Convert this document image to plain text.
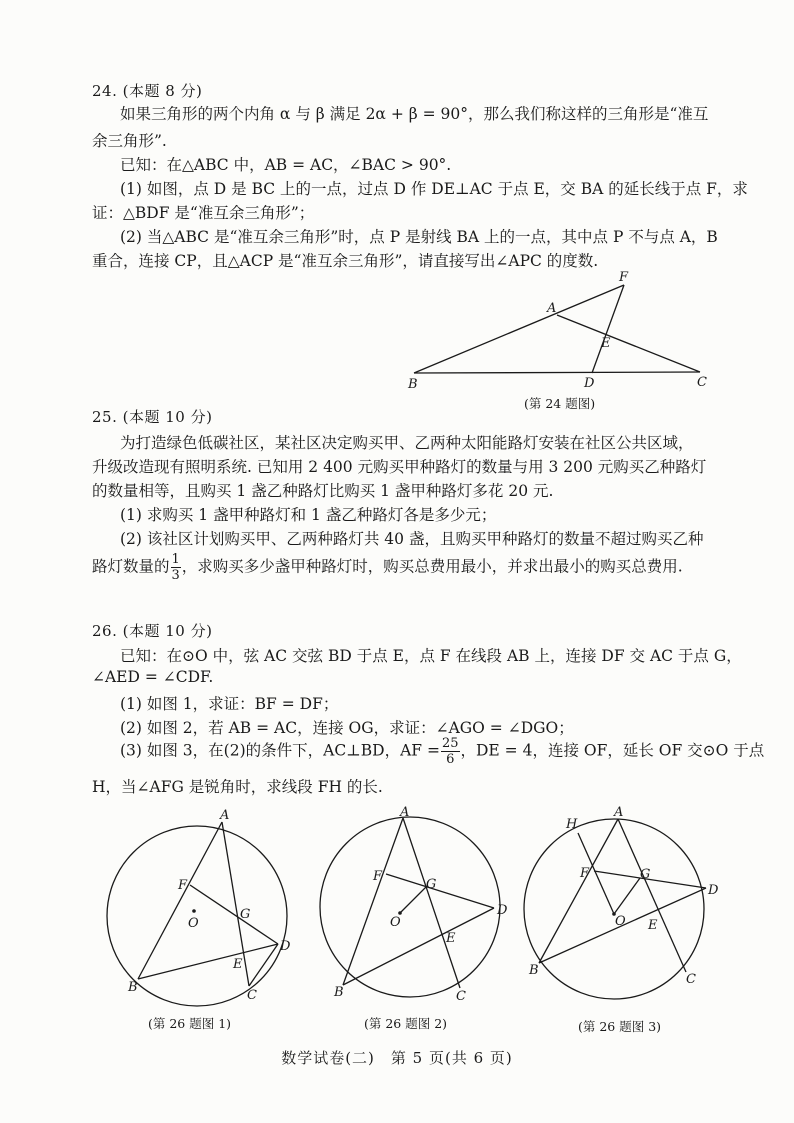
24. (本题 8 分)
如果三角形的两个内角 α 与 β 满足 2α + β = 90°，那么我们称这样的三角形是“准互
余三角形”.
已知：在△ABC 中，AB = AC，∠BAC > 90°.
(1) 如图，点 D 是 BC 上的一点，过点 D 作 DE⊥AC 于点 E，交 BA 的延长线于点 F，求
证：△BDF 是“准互余三角形”；
(2) 当△ABC 是“准互余三角形”时，点 P 是射线 BA 上的一点，其中点 P 不与点 A，B
重合，连接 CP，且△ACP 是“准互余三角形”，请直接写出∠APC 的度数.
F
A
E
B	D	C
(第 24 题图)
25. (本题 10 分)
为打造绿色低碳社区，某社区决定购买甲、乙两种太阳能路灯安装在社区公共区域，
升级改造现有照明系统. 已知用 2 400 元购买甲种路灯的数量与用 3 200 元购买乙种路灯
的数量相等，且购买 1 盏乙种路灯比购买 1 盏甲种路灯多花 20 元.
(1) 求购买 1 盏甲种路灯和 1 盏乙种路灯各是多少元；
(2) 该社区计划购买甲、乙两种路灯共 40 盏，且购买甲种路灯的数量不超过购买乙种
路灯数量的 $\frac{1}{3}$ ，求购买多少盏甲种路灯时，购买总费用最小，并求出最小的购买总费用.
26. (本题 10 分)
已知：在⊙O 中，弦 AC 交弦 BD 于点 E，点 F 在线段 AB 上，连接 DF 交 AC 于点 G，
∠AED = ∠CDF.
(1) 如图 1，求证：BF = DF；
(2) 如图 2，若 AB = AC，连接 OG，求证：∠AGO = ∠DGO；
(3) 如图 3，在(2)的条件下，AC⊥BD，AF = $\frac{25}{6}$ ，DE = 4，连接 OF，延长 OF 交⊙O 于点
H，当∠AFG 是锐角时，求线段 FH 的长.
A
F
O
G
D
E
B
C
(第 26 题图 1)
A
F
G
D
O
E
B	C
(第 26 题图 2)
H
A
F	G
D
O E
B
C
(第 26 题图 3)
数学试卷(二)　第 5 页(共 6 页)
